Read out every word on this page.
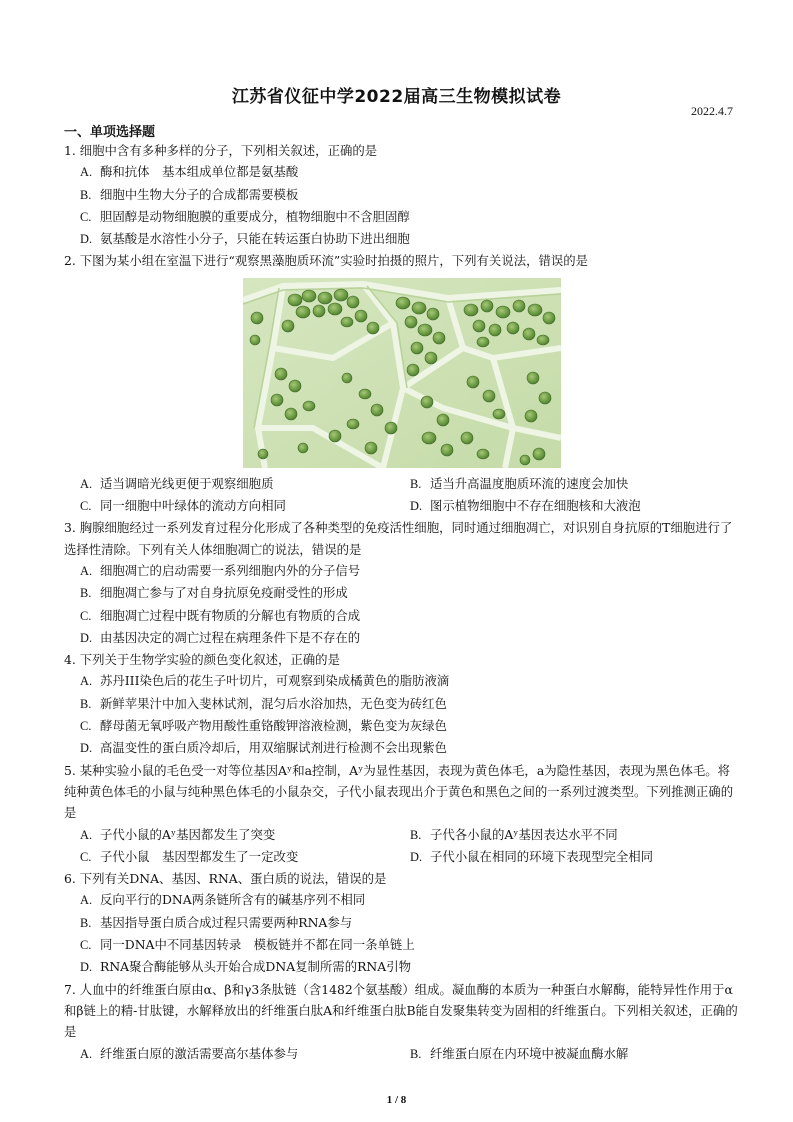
江苏省仪征中学2022届高三生物模拟试卷
2022.4.7
一、单项选择题
1. 细胞中含有多种多样的分子，下列相关叙述，正确的是
A. 酶和抗体　基本组成单位都是氨基酸
B. 细胞中生物大分子的合成都需要模板
C. 胆固醇是动物细胞膜的重要成分，植物细胞中不含胆固醇
D. 氨基酸是水溶性小分子，只能在转运蛋白协助下进出细胞
2. 下图为某小组在室温下进行“观察黑藻胞质环流”实验时拍摄的照片，下列有关说法，错误的是
A. 适当调暗光线更便于观察细胞质	B. 适当升高温度胞质环流的速度会加快
C. 同一细胞中叶绿体的流动方向相同	D. 图示植物细胞中不存在细胞核和大液泡
3. 胸腺细胞经过一系列发育过程分化形成了各种类型的免疫活性细胞，同时通过细胞凋亡，对识别自身抗原的T细胞进行了选择性清除。下列有关人体细胞凋亡的说法，错误的是
A. 细胞凋亡的启动需要一系列细胞内外的分子信号
B. 细胞凋亡参与了对自身抗原免疫耐受性的形成
C. 细胞凋亡过程中既有物质的分解也有物质的合成
D. 由基因决定的凋亡过程在病理条件下是不存在的
4. 下列关于生物学实验的颜色变化叙述，正确的是
A. 苏丹III染色后的花生子叶切片，可观察到染成橘黄色的脂肪液滴
B. 新鲜苹果汁中加入斐林试剂，混匀后水浴加热，无色变为砖红色
C. 酵母菌无氧呼吸产物用酸性重铬酸钾溶液检测，紫色变为灰绿色
D. 高温变性的蛋白质冷却后，用双缩脲试剂进行检测不会出现紫色
5. 某种实验小鼠的毛色受一对等位基因Aʸ和a控制，Aʸ为显性基因，表现为黄色体毛，a为隐性基因，表现为黑色体毛。将纯种黄色体毛的小鼠与纯种黑色体毛的小鼠杂交，子代小鼠表现出介于黄色和黑色之间的一系列过渡类型。下列推测正确的是
A. 子代小鼠的Aʸ基因都发生了突变	B. 子代各小鼠的Aʸ基因表达水平不同
C. 子代小鼠　基因型都发生了一定改变	D. 子代小鼠在相同的环境下表现型完全相同
6. 下列有关DNA、基因、RNA、蛋白质的说法，错误的是
A. 反向平行的DNA两条链所含有的碱基序列不相同
B. 基因指导蛋白质合成过程只需要两种RNA参与
C. 同一DNA中不同基因转录　模板链并不都在同一条单链上
D. RNA聚合酶能够从头开始合成DNA复制所需的RNA引物
7. 人血中的纤维蛋白原由α、β和γ3条肽链（含1482个氨基酸）组成。凝血酶的本质为一种蛋白水解酶，能特异性作用于α和β链上的精-甘肽键，水解释放出的纤维蛋白肽A和纤维蛋白肽B能自发聚集转变为固相的纤维蛋白。下列相关叙述，正确的是
A. 纤维蛋白原的激活需要高尔基体参与	B. 纤维蛋白原在内环境中被凝血酶水解
1 / 8
